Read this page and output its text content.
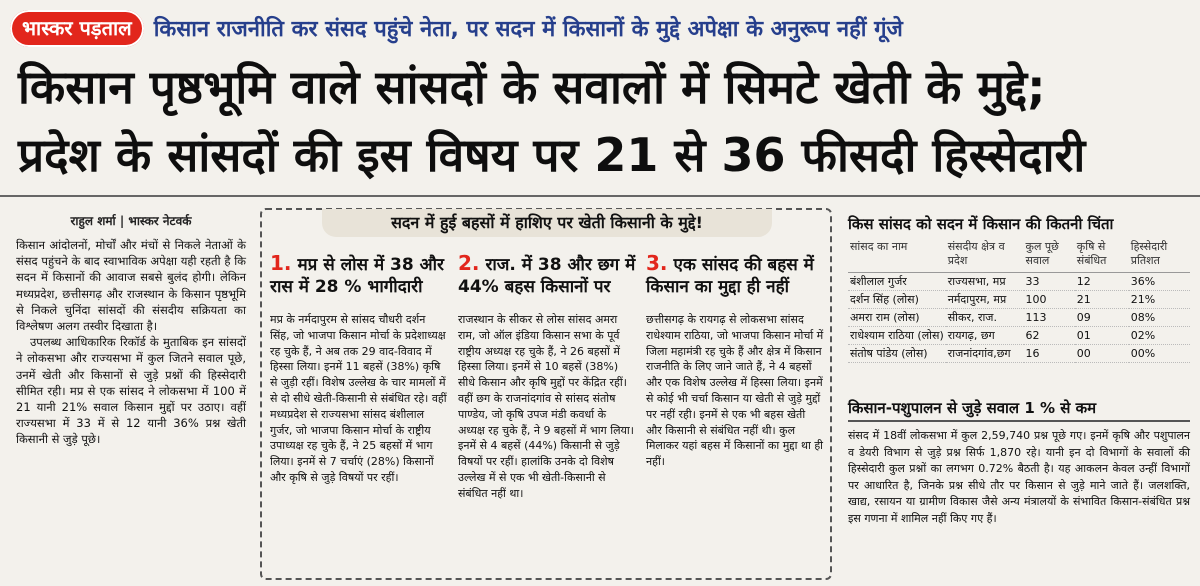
भास्कर पड़ताल	किसान राजनीति कर संसद पहुंचे नेता, पर सदन में किसानों के मुद्दे अपेक्षा के अनुरूप नहीं गूंजे
किसान पृष्ठभूमि वाले सांसदों के सवालों में सिमटे खेती के मुद्दे;
प्रदेश के सांसदों की इस विषय पर 21 से 36 फीसदी हिस्सेदारी
राहुल शर्मा | भास्कर नेटवर्क

किसान आंदोलनों, मोर्चों और मंचों से निकले नेताओं के संसद पहुंचने के बाद स्वाभाविक अपेक्षा यही रहती है कि सदन में किसानों की आवाज सबसे बुलंद होगी। लेकिन मध्यप्रदेश, छत्तीसगढ़ और राजस्थान के किसान पृष्ठभूमि से निकले चुनिंदा सांसदों की संसदीय सक्रियता का विश्लेषण अलग तस्वीर दिखाता है।

उपलब्ध आधिकारिक रिकॉर्ड के मुताबिक इन सांसदों ने लोकसभा और राज्यसभा में कुल जितने सवाल पूछे, उनमें खेती और किसानों से जुड़े प्रश्नों की हिस्सेदारी सीमित रही। मप्र से एक सांसद ने लोकसभा में 100 में 21 यानी 21% सवाल किसान मुद्दों पर उठाए। वहीं राज्यसभा में 33 में से 12 यानी 36% प्रश्न खेती किसानी से जुड़े पूछे।

सदन में हुई बहसों में हाशिए पर खेती किसानी के मुद्दे!
1. मप्र से लोस में 38 और रास में 28 % भागीदारी
मप्र के नर्मदापुरम से सांसद चौधरी दर्शन सिंह, जो भाजपा किसान मोर्चा के प्रदेशाध्यक्ष रह चुके हैं, ने अब तक 29 वाद-विवाद में हिस्सा लिया। इनमें 11 बहसें (38%) कृषि से जुड़ी रहीं। विशेष उल्लेख के चार मामलों में से दो सीधे खेती-किसानी से संबंधित रहे। वहीं मध्यप्रदेश से राज्यसभा सांसद बंशीलाल गुर्जर, जो भाजपा किसान मोर्चा के राष्ट्रीय उपाध्यक्ष रह चुके हैं, ने 25 बहसों में भाग लिया। इनमें से 7 चर्चाएं (28%) किसानों और कृषि से जुड़े विषयों पर रहीं।
2. राज. में 38 और छग में 44% बहस किसानों पर
राजस्थान के सीकर से लोस सांसद अमरा राम, जो ऑल इंडिया किसान सभा के पूर्व राष्ट्रीय अध्यक्ष रह चुके हैं, ने 26 बहसों में हिस्सा लिया। इनमें से 10 बहसें (38%) सीधे किसान और कृषि मुद्दों पर केंद्रित रहीं। वहीं छग के राजनांदगांव से सांसद संतोष पाण्डेय, जो कृषि उपज मंडी कवर्धा के अध्यक्ष रह चुके हैं, ने 9 बहसों में भाग लिया। इनमें से 4 बहसें (44%) किसानी से जुड़े विषयों पर रहीं। हालांकि उनके दो विशेष उल्लेख में से एक भी खेती-किसानी से संबंधित नहीं था।
3. एक सांसद की बहस में किसान का मुद्दा ही नहीं
छत्तीसगढ़ के रायगढ़ से लोकसभा सांसद राधेश्याम राठिया, जो भाजपा किसान मोर्चा में जिला महामंत्री रह चुके हैं और क्षेत्र में किसान राजनीति के लिए जाने जाते हैं, ने 4 बहसों और एक विशेष उल्लेख में हिस्सा लिया। इनमें से कोई भी चर्चा किसान या खेती से जुड़े मुद्दों पर नहीं रही। इनमें से एक भी बहस खेती और किसानी से संबंधित नहीं थी। कुल मिलाकर यहां बहस में किसानों का मुद्दा था ही नहीं।
किस सांसद को सदन में किसान की कितनी चिंता
सांसद का नाम	संसदीय क्षेत्र व प्रदेश	कुल पूछे सवाल	कृषि से संबंधित	हिस्सेदारी प्रतिशत
बंशीलाल गुर्जर	राज्यसभा, मप्र	33	12	36%
दर्शन सिंह (लोस)	नर्मदापुरम, मप्र	100	21	21%
अमरा राम (लोस)	सीकर, राज.	113	09	08%
राधेश्याम राठिया (लोस)	रायगढ़, छग	62	01	02%
संतोष पांडेय (लोस)	राजनांदगांव,छग	16	00	00%
किसान-पशुपालन से जुड़े सवाल 1 % से कम

संसद में 18वीं लोकसभा में कुल 2,59,740 प्रश्न पूछे गए। इनमें कृषि और पशुपालन व डेयरी विभाग से जुड़े प्रश्न सिर्फ 1,870 रहे। यानी इन दो विभागों के सवालों की हिस्सेदारी कुल प्रश्नों का लगभग 0.72% बैठती है। यह आकलन केवल उन्हीं विभागों पर आधारित है, जिनके प्रश्न सीधे तौर पर किसान से जुड़े माने जाते हैं। जलशक्ति, खाद्य, रसायन या ग्रामीण विकास जैसे अन्य मंत्रालयों के संभावित किसान-संबंधित प्रश्न इस गणना में शामिल नहीं किए गए हैं।
